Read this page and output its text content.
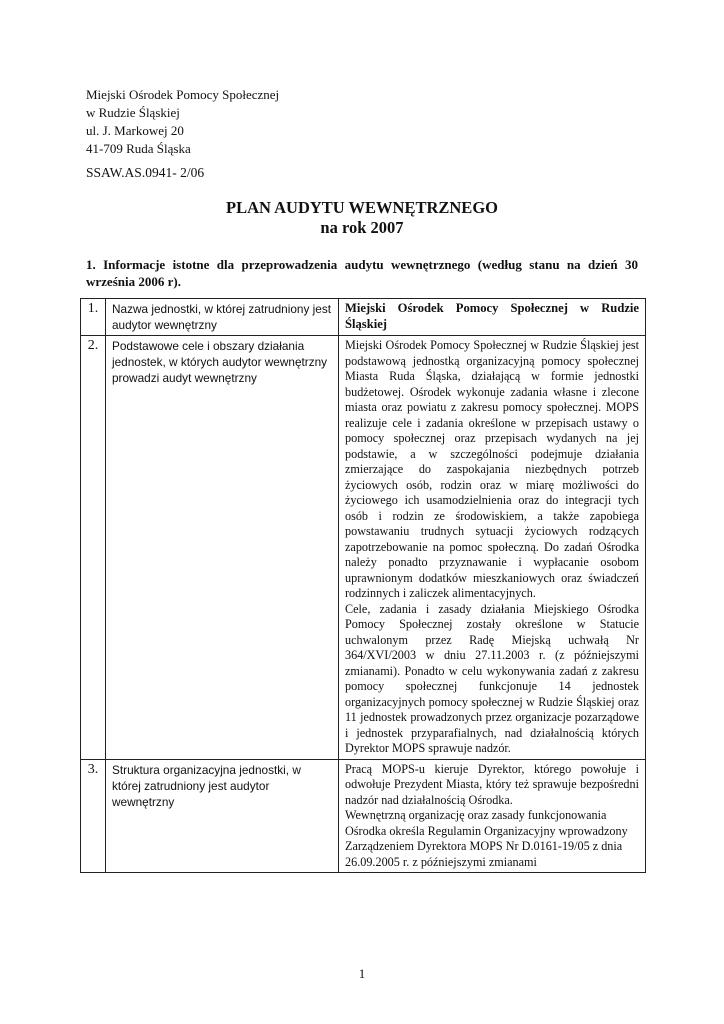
Miejski Ośrodek Pomocy Społecznej
w Rudzie Śląskiej
ul. J. Markowej 20
41-709 Ruda Śląska
SSAW.AS.0941- 2/06
PLAN AUDYTU WEWNĘTRZNEGO
na rok 2007
1. Informacje istotne dla przeprowadzenia audytu wewnętrznego (według stanu na dzień 30 września 2006 r).
1.	Nazwa jednostki, w której zatrudniony jest audytor wewnętrzny	Miejski Ośrodek Pomocy Społecznej w Rudzie Śląskiej

2.	Podstawowe cele i obszary działania jednostek, w których audytor wewnętrzny prowadzi audyt wewnętrzny	Miejski Ośrodek Pomocy Społecznej w Rudzie Śląskiej jest podstawową jednostką organizacyjną pomocy społecznej Miasta Ruda Śląska, działającą w formie jednostki budżetowej. Ośrodek wykonuje zadania własne i zlecone miasta oraz powiatu z zakresu pomocy społecznej. MOPS realizuje cele i zadania określone w przepisach ustawy o pomocy społecznej oraz przepisach wydanych na jej podstawie, a w szczególności podejmuje działania zmierzające do zaspokajania niezbędnych potrzeb życiowych osób, rodzin oraz w miarę możliwości do życiowego ich usamodzielnienia oraz do integracji tych osób i rodzin ze środowiskiem, a także zapobiega powstawaniu trudnych sytuacji życiowych rodzących zapotrzebowanie na pomoc społeczną. Do zadań Ośrodka należy ponadto przyznawanie i wypłacanie osobom uprawnionym dodatków mieszkaniowych oraz świadczeń rodzinnych i zaliczek alimentacyjnych.

Cele, zadania i zasady działania Miejskiego Ośrodka Pomocy Społecznej zostały określone w Statucie uchwalonym przez Radę Miejską uchwałą Nr 364/XVI/2003 w dniu 27.11.2003 r. (z późniejszymi zmianami). Ponadto w celu wykonywania zadań z zakresu pomocy społecznej funkcjonuje 14 jednostek organizacyjnych pomocy społecznej w Rudzie Śląskiej oraz 11 jednostek prowadzonych przez organizacje pozarządowe i jednostek przyparafialnych, nad działalnością których Dyrektor MOPS sprawuje nadzór.

3.	Struktura organizacyjna jednostki, w której zatrudniony jest audytor wewnętrzny	Pracą MOPS-u kieruje Dyrektor, którego powołuje i odwołuje Prezydent Miasta, który też sprawuje bezpośredni nadzór nad działalnością Ośrodka.

Wewnętrzną organizację oraz zasady funkcjonowania Ośrodka określa Regulamin Organizacyjny wprowadzony Zarządzeniem Dyrektora MOPS Nr D.0161-19/05 z dnia 26.09.2005 r. z późniejszymi zmianami

1
